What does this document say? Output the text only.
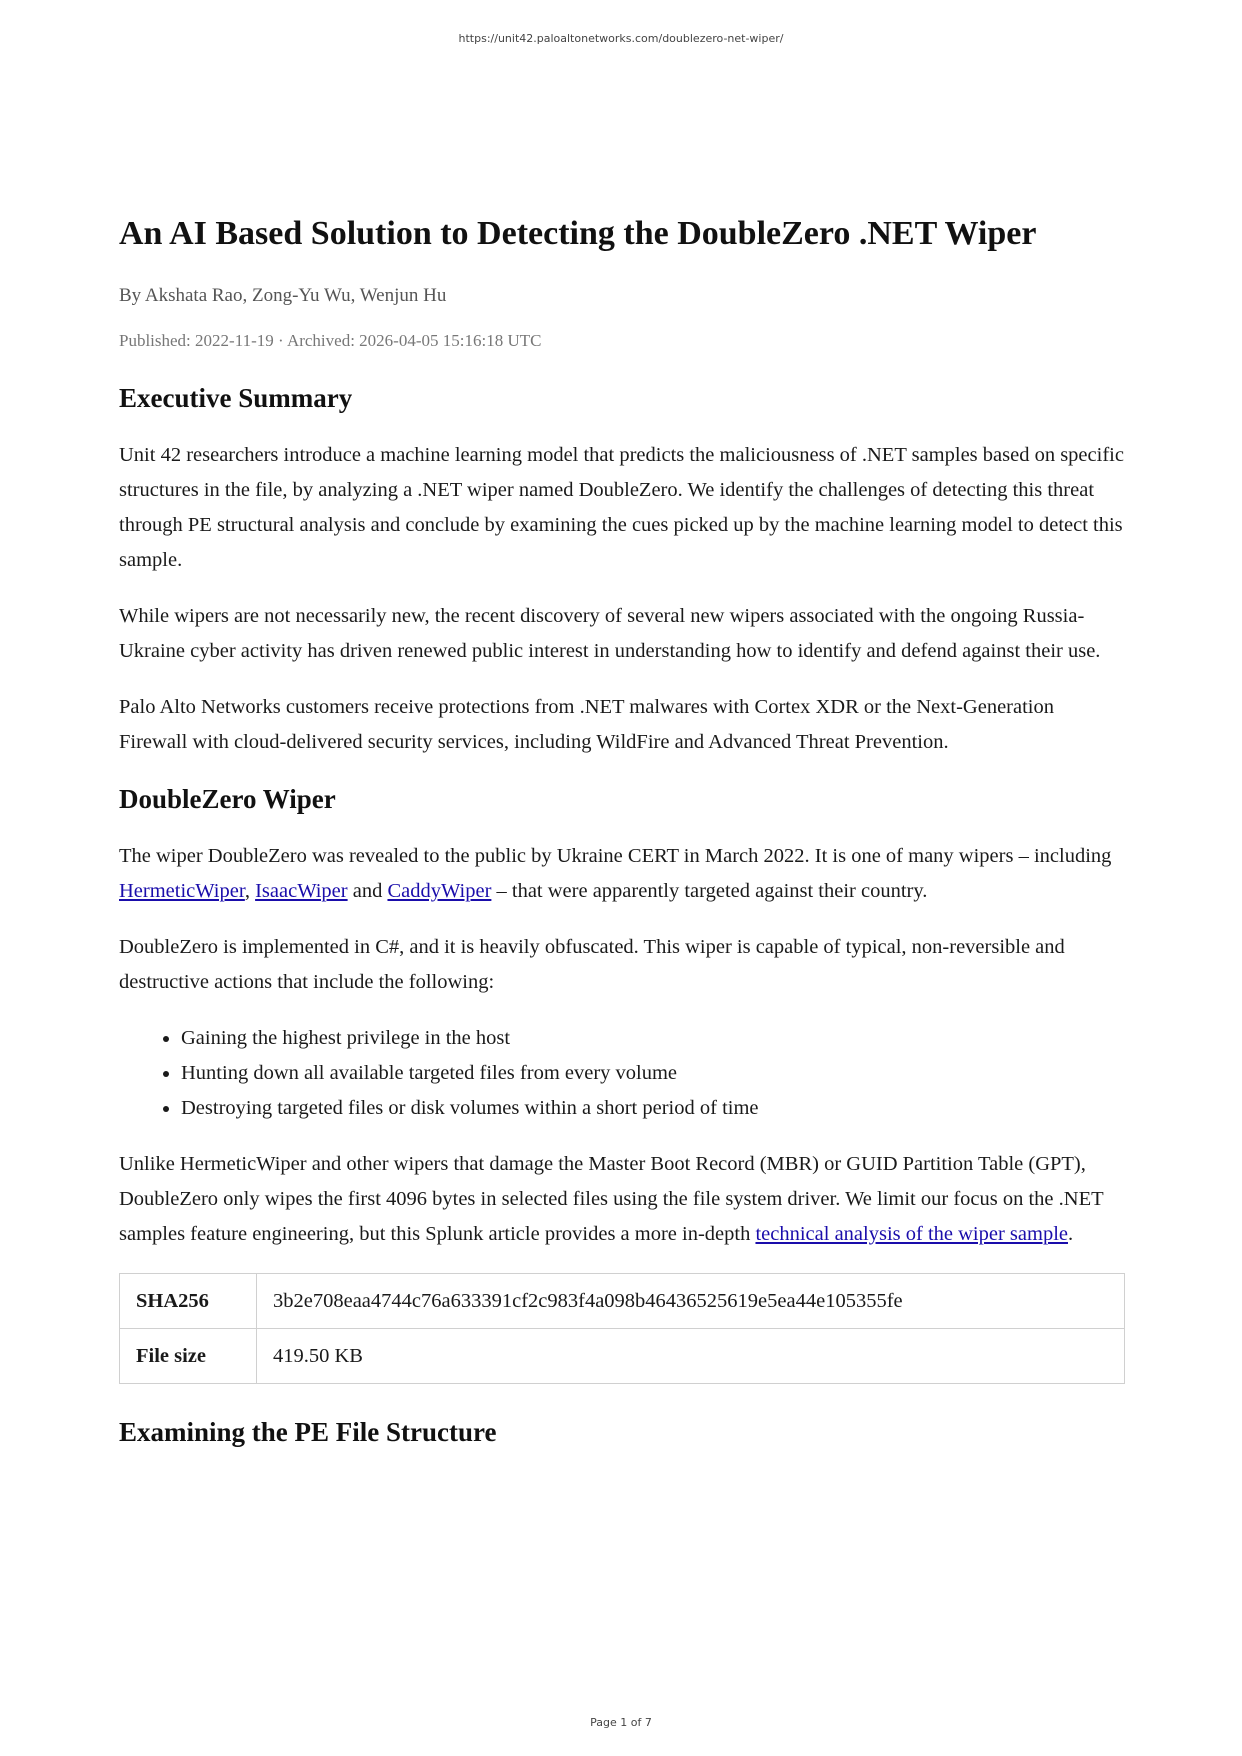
https://unit42.paloaltonetworks.com/doublezero-net-wiper/
An AI Based Solution to Detecting the DoubleZero .NET Wiper
By Akshata Rao, Zong-Yu Wu, Wenjun Hu
Published: 2022-11-19 · Archived: 2026-04-05 15:16:18 UTC
Executive Summary

Unit 42 researchers introduce a machine learning model that predicts the maliciousness of .NET samples based on specific structures in the file, by analyzing a .NET wiper named DoubleZero. We identify the challenges of detecting this threat through PE structural analysis and conclude by examining the cues picked up by the machine learning model to detect this sample.

While wipers are not necessarily new, the recent discovery of several new wipers associated with the ongoing Russia-Ukraine cyber activity has driven renewed public interest in understanding how to identify and defend against their use.

Palo Alto Networks customers receive protections from .NET malwares with Cortex XDR or the Next-Generation Firewall with cloud-delivered security services, including WildFire and Advanced Threat Prevention.

DoubleZero Wiper

The wiper DoubleZero was revealed to the public by Ukraine CERT in March 2022. It is one of many wipers – including HermeticWiper, IsaacWiper and CaddyWiper – that were apparently targeted against their country.

DoubleZero is implemented in C#, and it is heavily obfuscated. This wiper is capable of typical, non-reversible and destructive actions that include the following:

• Gaining the highest privilege in the host
• Hunting down all available targeted files from every volume
• Destroying targeted files or disk volumes within a short period of time

Unlike HermeticWiper and other wipers that damage the Master Boot Record (MBR) or GUID Partition Table (GPT), DoubleZero only wipes the first 4096 bytes in selected files using the file system driver. We limit our focus on the .NET samples feature engineering, but this Splunk article provides a more in-depth technical analysis of the wiper sample.

SHA256	3b2e708eaa4744c76a633391cf2c983f4a098b46436525619e5ea44e105355fe
File size	419.50 KB
Examining the PE File Structure
Page 1 of 7
